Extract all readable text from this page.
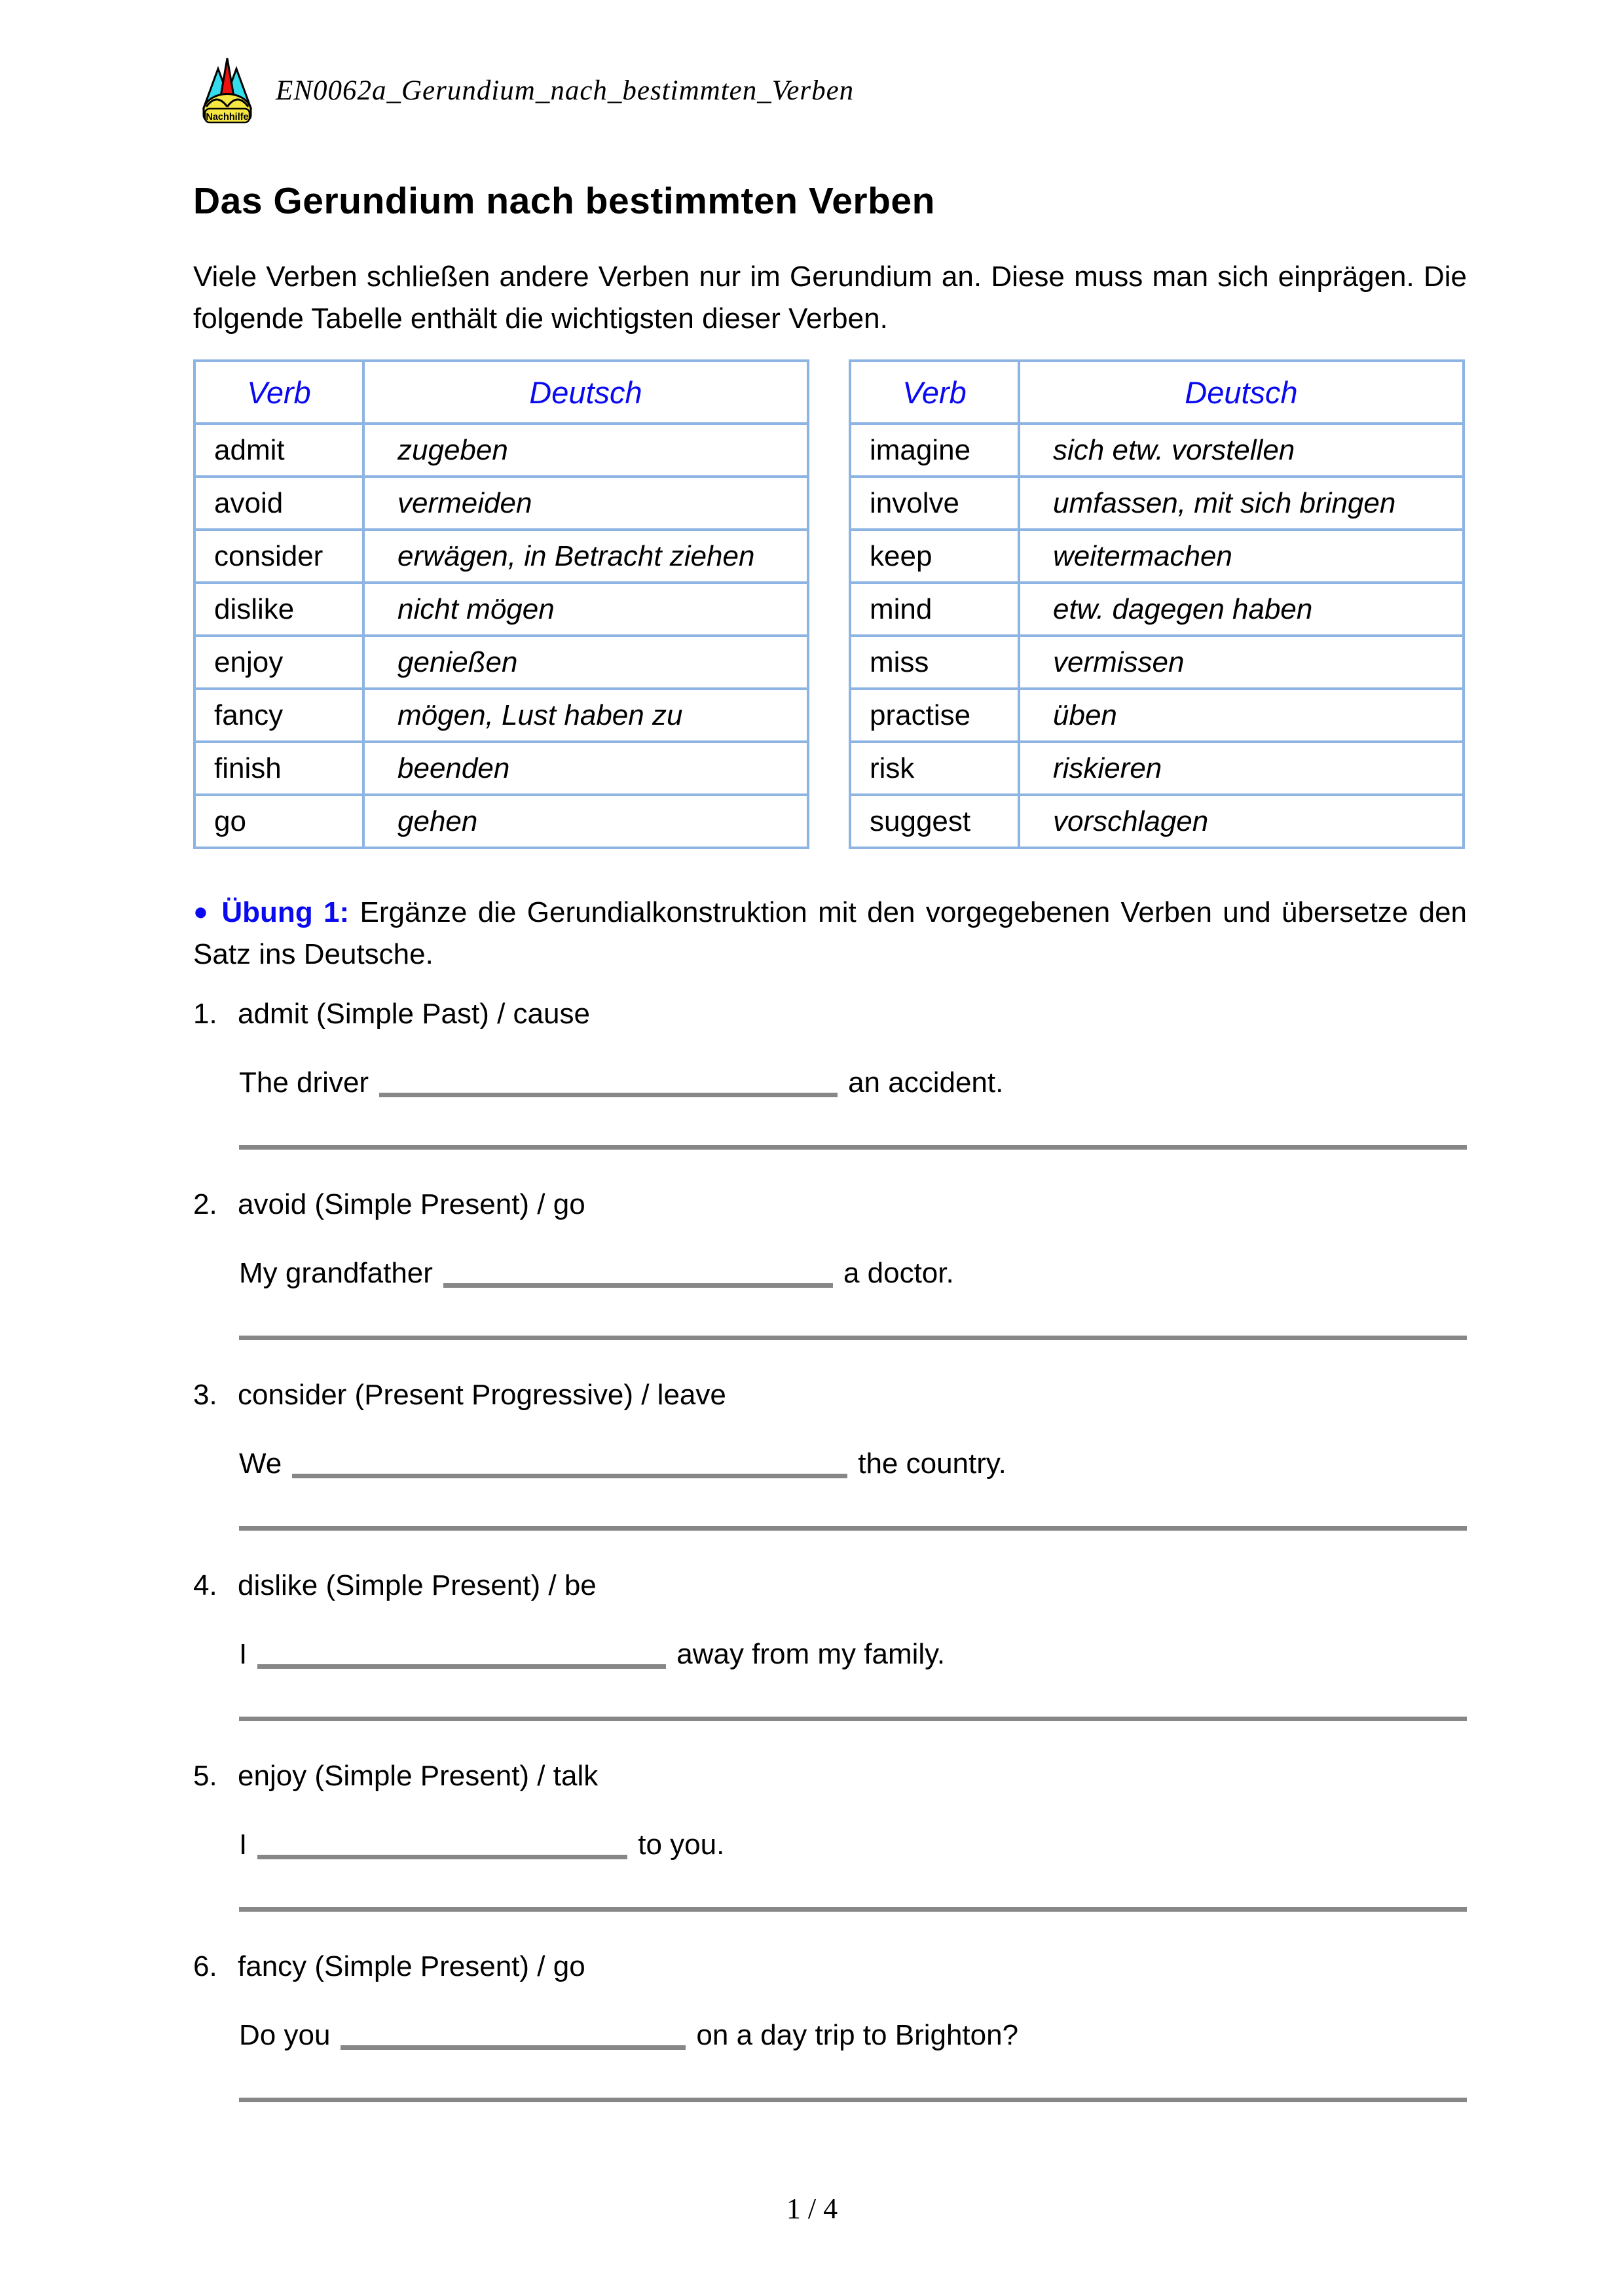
Nachhilfe
EN0062a_Gerundium_nach_bestimmten_Verben
Das Gerundium nach bestimmten Verben

Viele Verben schließen andere Verben nur im Gerundium an. Diese muss man sich einprägen. Die folgende Tabelle enthält die wichtigsten dieser Verben.

Verb	Deutsch
admit	zugeben
avoid	vermeiden
consider	erwägen, in Betracht ziehen
dislike	nicht mögen
enjoy	genießen
fancy	mögen, Lust haben zu
finish	beenden
go	gehen
Verb	Deutsch
imagine	sich etw. vorstellen
involve	umfassen, mit sich bringen
keep	weitermachen
mind	etw. dagegen haben
miss	vermissen
practise	üben
risk	riskieren
suggest	vorschlagen

● Übung 1: Ergänze die Gerundialkonstruktion mit den vorgegebenen Verben und übersetze den Satz ins Deutsche.

1. admit (Simple Past) / cause
The driver	an accident.
2. avoid (Simple Present) / go
My grandfather	a doctor.
3. consider (Present Progressive) / leave
We	the country.
4. dislike (Simple Present) / be
I	away from my family.
5. enjoy (Simple Present) / talk
I	to you.
6. fancy (Simple Present) / go
Do you	on a day trip to Brighton?
1 / 4
